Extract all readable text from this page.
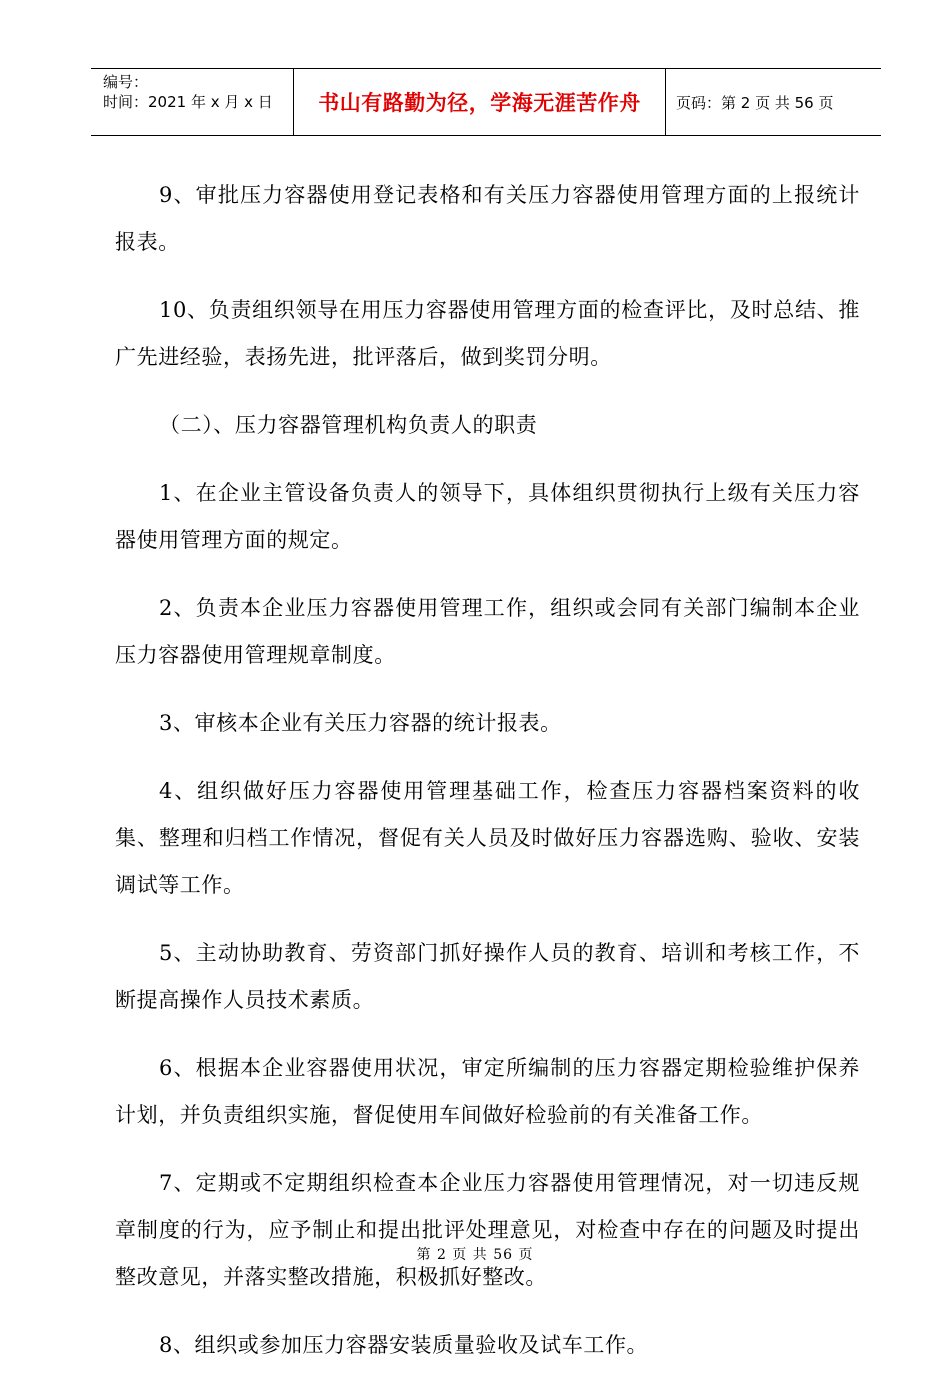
编号：
时间：2021 年 x 月 x 日	书山有路勤为径，学海无涯苦作舟	页码：第 2 页 共 56 页

9、审批压力容器使用登记表格和有关压力容器使用管理方面的上报统计报表。

10、负责组织领导在用压力容器使用管理方面的检查评比，及时总结、推广先进经验，表扬先进，批评落后，做到奖罚分明。

（二）、压力容器管理机构负责人的职责

1、在企业主管设备负责人的领导下，具体组织贯彻执行上级有关压力容器使用管理方面的规定。

2、负责本企业压力容器使用管理工作，组织或会同有关部门编制本企业压力容器使用管理规章制度。

3、审核本企业有关压力容器的统计报表。

4、组织做好压力容器使用管理基础工作，检查压力容器档案资料的收集、整理和归档工作情况，督促有关人员及时做好压力容器选购、验收、安装调试等工作。

5、主动协助教育、劳资部门抓好操作人员的教育、培训和考核工作，不断提高操作人员技术素质。

6、根据本企业容器使用状况，审定所编制的压力容器定期检验维护保养计划，并负责组织实施，督促使用车间做好检验前的有关准备工作。

7、定期或不定期组织检查本企业压力容器使用管理情况，对一切违反规章制度的行为，应予制止和提出批评处理意见，对检查中存在的问题及时提出整改意见，并落实整改措施，积极抓好整改。

8、组织或参加压力容器安装质量验收及试车工作。

第 2 页 共 56 页
